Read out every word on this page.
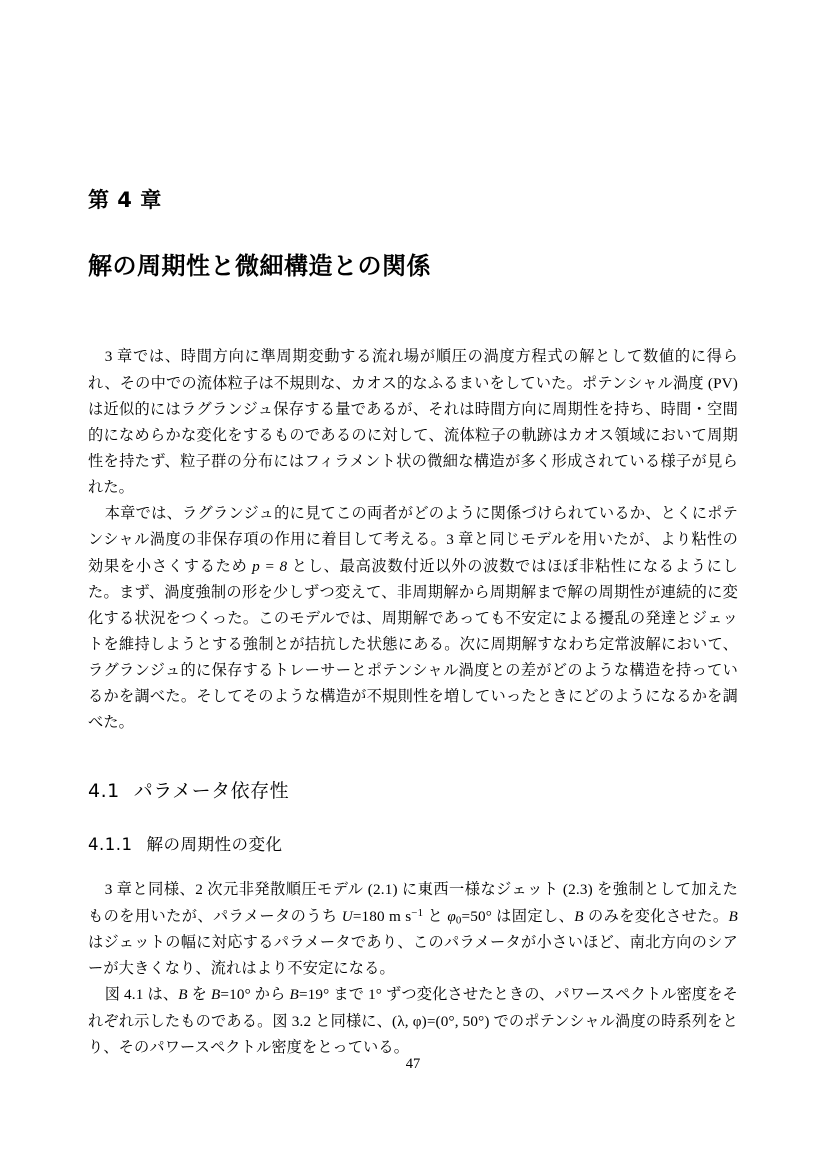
第 4 章
解の周期性と微細構造との関係

3 章では、時間方向に準周期変動する流れ場が順圧の渦度方程式の解として数値的に得られ、その中での流体粒子は不規則な、カオス的なふるまいをしていた。ポテンシャル渦度 (PV) は近似的にはラグランジュ保存する量であるが、それは時間方向に周期性を持ち、時間・空間的になめらかな変化をするものであるのに対して、流体粒子の軌跡はカオス領域において周期性を持たず、粒子群の分布にはフィラメント状の微細な構造が多く形成されている様子が見られた。

本章では、ラグランジュ的に見てこの両者がどのように関係づけられているか、とくにポテンシャル渦度の非保存項の作用に着目して考える。3 章と同じモデルを用いたが、より粘性の効果を小さくするため p = 8 とし、最高波数付近以外の波数ではほぼ非粘性になるようにした。まず、渦度強制の形を少しずつ変えて、非周期解から周期解まで解の周期性が連続的に変化する状況をつくった。このモデルでは、周期解であっても不安定による擾乱の発達とジェットを維持しようとする強制とが拮抗した状態にある。次に周期解すなわち定常波解において、ラグランジュ的に保存するトレーサーとポテンシャル渦度との差がどのような構造を持っているかを調べた。そしてそのような構造が不規則性を増していったときにどのようになるかを調べた。

4.1 パラメータ依存性
4.1.1 解の周期性の変化

3 章と同様、2 次元非発散順圧モデル (2.1) に東西一様なジェット (2.3) を強制として加えたものを用いたが、パラメータのうち U=180 m $s^{-1}$ と $\varphi_0=50^\circ$ は固定し、B のみを変化させた。B はジェットの幅に対応するパラメータであり、このパラメータが小さいほど、南北方向のシアーが大きくなり、流れはより不安定になる。

図 4.1 は、B を B=10° から B=19° まで 1° ずつ変化させたときの、パワースペクトル密度をそれぞれ示したものである。図 3.2 と同様に、(λ, φ)=(0°, 50°) でのポテンシャル渦度の時系列をとり、そのパワースペクトル密度をとっている。

47
